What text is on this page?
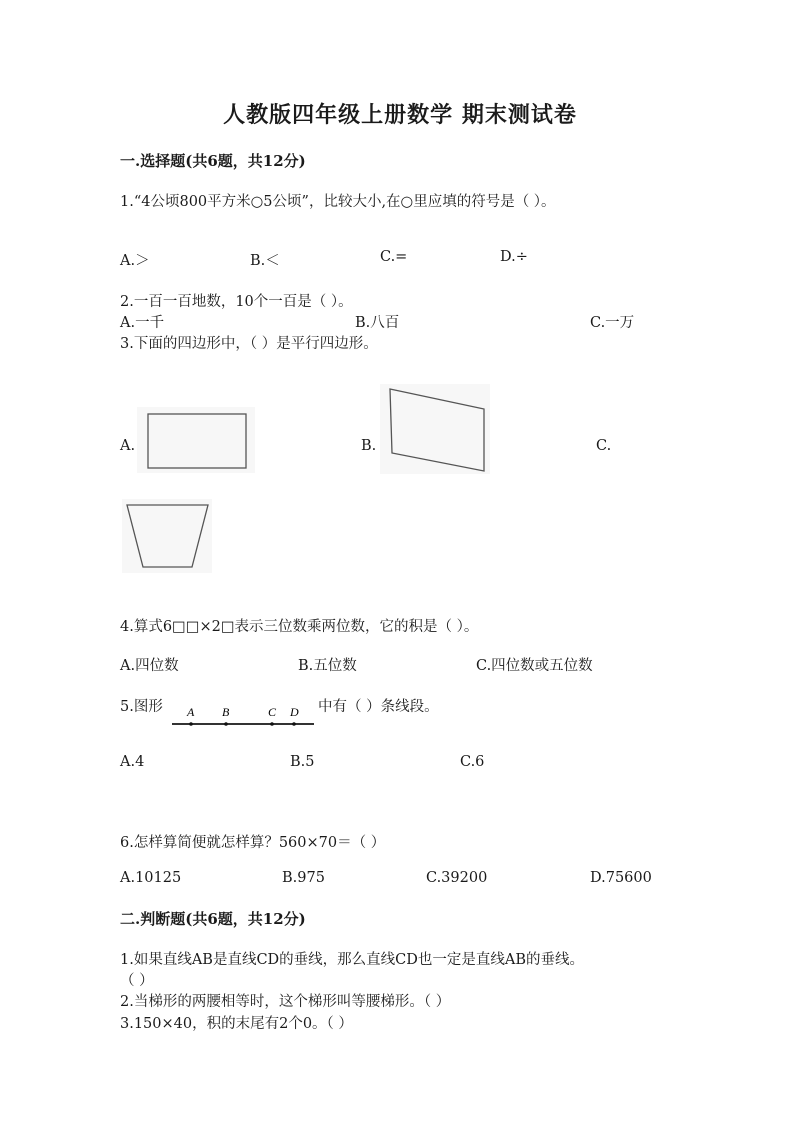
人教版四年级上册数学 期末测试卷
一.选择题(共6题，共12分)
1.“4公顷800平方米○5公顷”，比较大小,在○里应填的符号是（ ）。
A.＞	B.＜	C.=	D.÷
2.一百一百地数，10个一百是（ ）。
A.一千	B.八百	C.一万
3.下面的四边形中，（ ）是平行四边形。
A.	B.	C.
4.算式6□□×2□表示三位数乘两位数，它的积是（ ）。
A.四位数	B.五位数	C.四位数或五位数
5.图形 A B	C D 中有（ ）条线段。
A.4	B.5	C.6
6.怎样算简便就怎样算？560×70＝（ ）
A.10125	B.975	C.39200	D.75600
二.判断题(共6题，共12分)
1.如果直线AB是直线CD的垂线，那么直线CD也一定是直线AB的垂线。
（ ）
2.当梯形的两腰相等时，这个梯形叫等腰梯形。（ ）
3.150×40，积的末尾有2个0。（ ）
